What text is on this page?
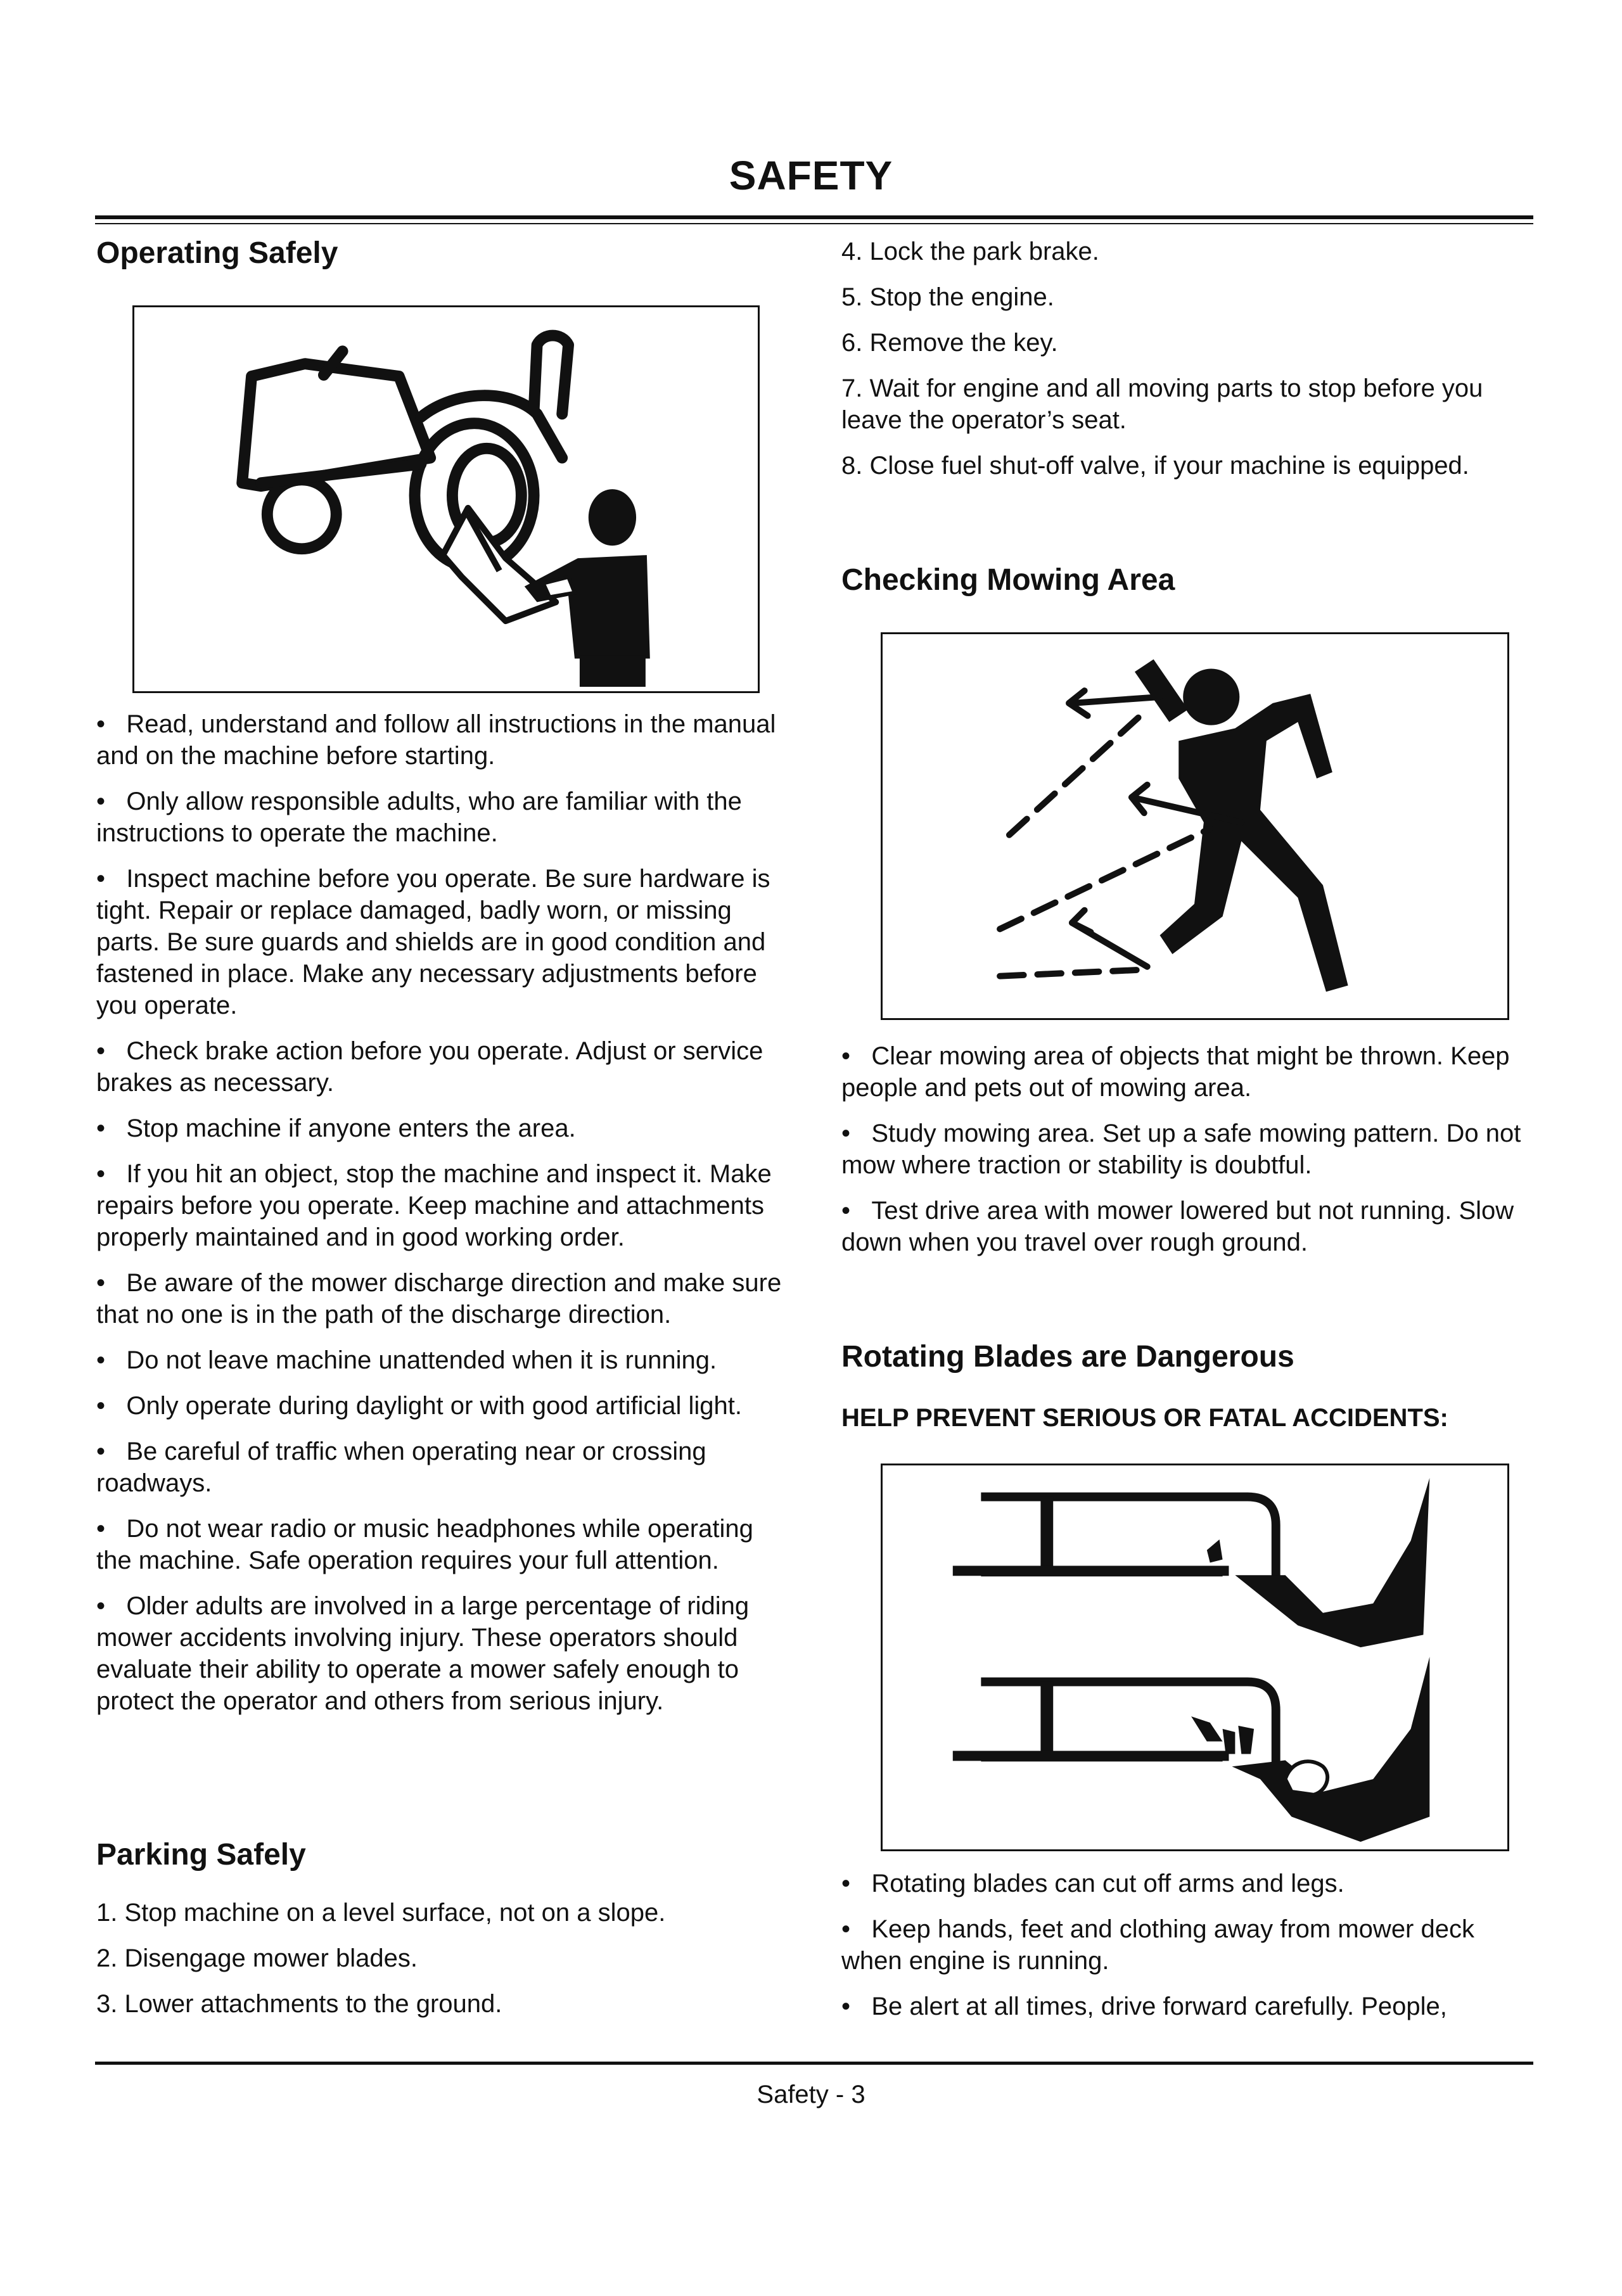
SAFETY
Operating Safely
•   Read, understand and follow all instructions in the manual and on the machine before starting.
•   Only allow responsible adults, who are familiar with the instructions to operate the machine.
•   Inspect machine before you operate. Be sure hardware is tight. Repair or replace damaged, badly worn, or missing parts. Be sure guards and shields are in good condition and fastened in place. Make any necessary adjustments before you operate.
•   Check brake action before you operate. Adjust or service brakes as necessary.
•   Stop machine if anyone enters the area.
•   If you hit an object, stop the machine and inspect it. Make repairs before you operate. Keep machine and attachments properly maintained and in good working order.
•   Be aware of the mower discharge direction and make sure that no one is in the path of the discharge direction.
•   Do not leave machine unattended when it is running.
•   Only operate during daylight or with good artificial light.
•   Be careful of traffic when operating near or crossing roadways.
•   Do not wear radio or music headphones while operating the machine. Safe operation requires your full attention.
•   Older adults are involved in a large percentage of riding mower accidents involving injury. These operators should evaluate their ability to operate a mower safely enough to protect the operator and others from serious injury.
Parking Safely
1. Stop machine on a level surface, not on a slope.
2. Disengage mower blades.
3. Lower attachments to the ground.
4. Lock the park brake.
5. Stop the engine.
6. Remove the key.
7. Wait for engine and all moving parts to stop before you leave the operator’s seat.
8. Close fuel shut-off valve, if your machine is equipped.
Checking Mowing Area
•   Clear mowing area of objects that might be thrown. Keep people and pets out of mowing area.
•   Study mowing area. Set up a safe mowing pattern. Do not mow where traction or stability is doubtful.
•   Test drive area with mower lowered but not running. Slow down when you travel over rough ground.
Rotating Blades are Dangerous
HELP PREVENT SERIOUS OR FATAL ACCIDENTS:
•   Rotating blades can cut off arms and legs.
•   Keep hands, feet and clothing away from mower deck when engine is running.
•   Be alert at all times, drive forward carefully. People,
Safety - 3
